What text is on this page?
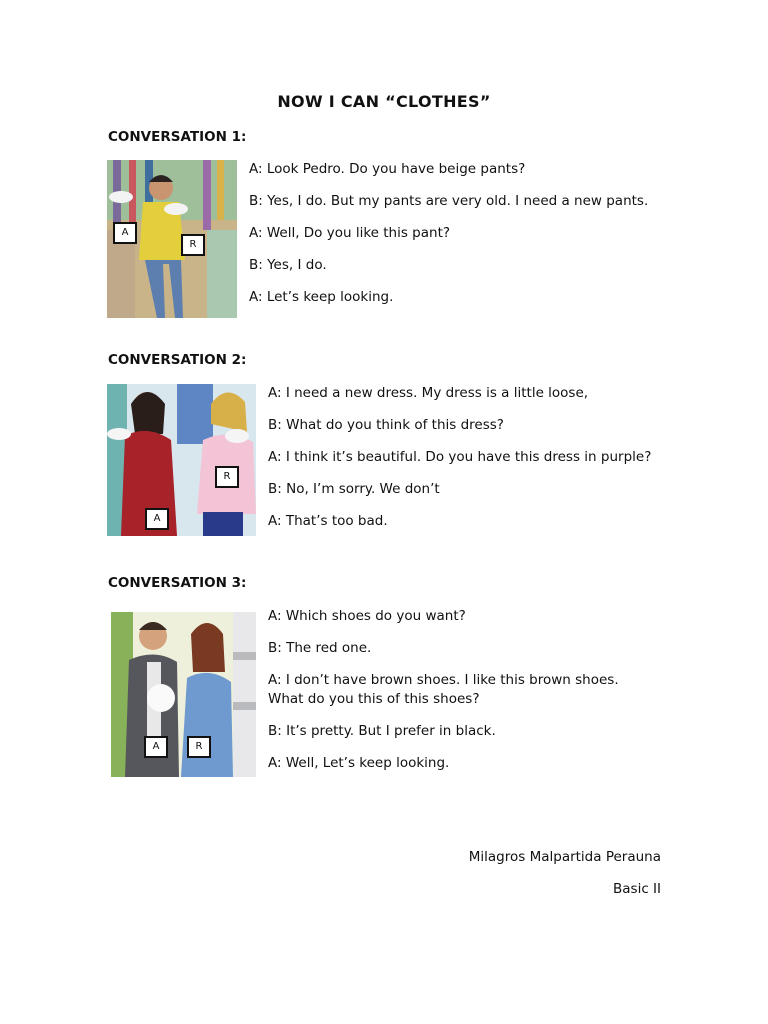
NOW I CAN “CLOTHES”
CONVERSATION 1:
A
R

A: Look Pedro. Do you have beige pants?

B: Yes, I do. But my pants are very old. I need a new pants.

A: Well, Do you like this pant?

B: Yes, I do.

A: Let’s keep looking.

CONVERSATION 2:
R
A

A: I need a new dress. My dress is a little loose,

B: What do you think of this dress?

A: I think it’s beautiful. Do you have this dress in purple?

B: No, I’m sorry. We don’t

A: That’s too bad.

CONVERSATION 3:
A	R

A: Which shoes do you want?

B: The red one.

A: I don’t have brown shoes. I like this brown shoes.

What do you this of this shoes?

B: It’s pretty. But I prefer in black.

A: Well, Let’s keep looking.

Milagros Malpartida Perauna
Basic II
